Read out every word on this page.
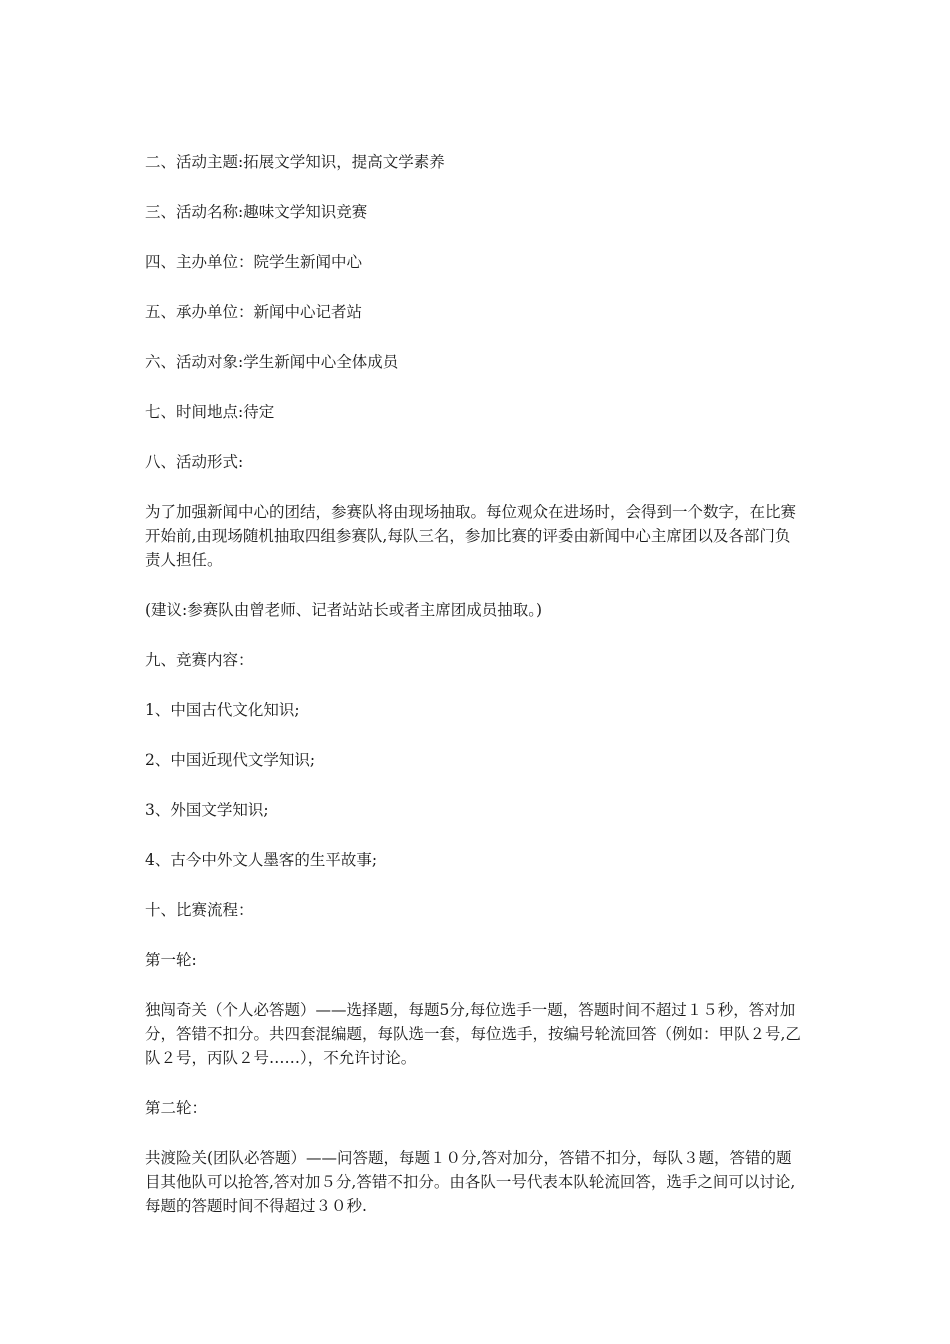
二、活动主题:拓展文学知识，提高文学素养

三、活动名称:趣味文学知识竞赛

四、主办单位：院学生新闻中心

五、承办单位：新闻中心记者站

六、活动对象:学生新闻中心全体成员

七、时间地点:待定

八、活动形式:

为了加强新闻中心的团结，参赛队将由现场抽取。每位观众在进场时，会得到一个数字，在比赛开始前,由现场随机抽取四组参赛队,每队三名，参加比赛的评委由新闻中心主席团以及各部门负责人担任。

(建议:参赛队由曾老师、记者站站长或者主席团成员抽取。)

九、竞赛内容：

1、中国古代文化知识;

2、中国近现代文学知识;

3、外国文学知识;

4、古今中外文人墨客的生平故事;

十、比赛流程：

第一轮:

独闯奇关（个人必答题）——选择题，每题5分,每位选手一题，答题时间不超过１５秒，答对加分，答错不扣分。共四套混编题，每队选一套，每位选手，按编号轮流回答（例如：甲队２号,乙队２号，丙队２号……），不允许讨论。

第二轮：

共渡险关(团队必答题）——问答题，每题１０分,答对加分，答错不扣分，每队３题，答错的题目其他队可以抢答,答对加５分,答错不扣分。由各队一号代表本队轮流回答，选手之间可以讨论,每题的答题时间不得超过３０秒.
